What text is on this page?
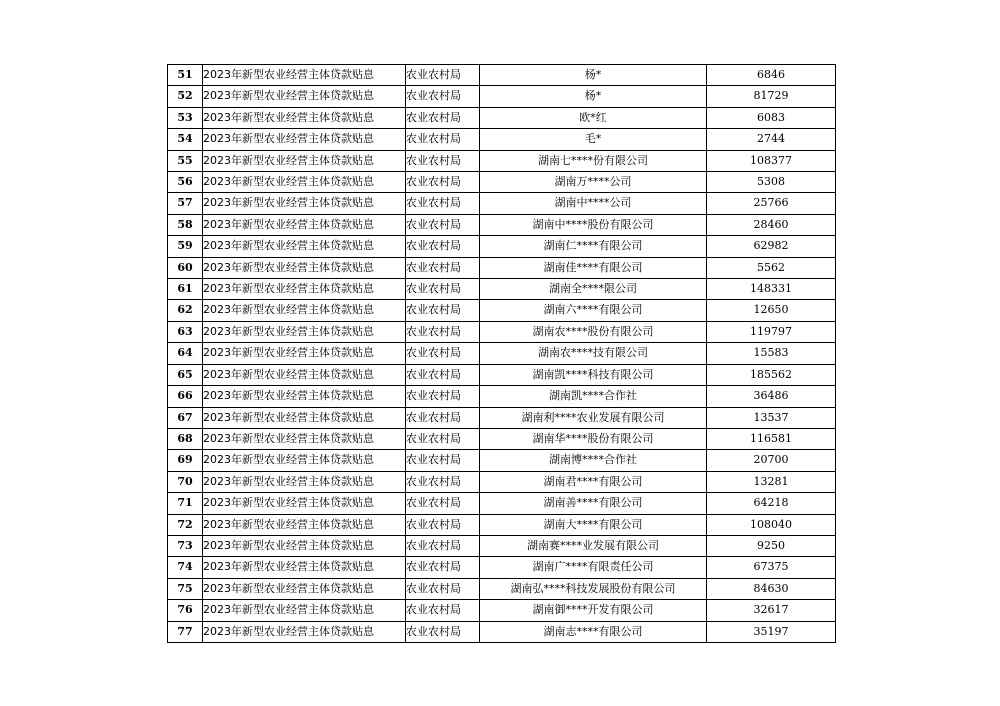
51	2023年新型农业经营主体贷款贴息	农业农村局	杨*	6846
52	2023年新型农业经营主体贷款贴息	农业农村局	杨*	81729
53	2023年新型农业经营主体贷款贴息	农业农村局	欧*红	6083
54	2023年新型农业经营主体贷款贴息	农业农村局	毛*	2744
55	2023年新型农业经营主体贷款贴息	农业农村局	湖南七****份有限公司	108377
56	2023年新型农业经营主体贷款贴息	农业农村局	湖南万****公司	5308
57	2023年新型农业经营主体贷款贴息	农业农村局	湖南中****公司	25766
58	2023年新型农业经营主体贷款贴息	农业农村局	湖南中****股份有限公司	28460
59	2023年新型农业经营主体贷款贴息	农业农村局	湖南仁****有限公司	62982
60	2023年新型农业经营主体贷款贴息	农业农村局	湖南佳****有限公司	5562
61	2023年新型农业经营主体贷款贴息	农业农村局	湖南全****限公司	148331
62	2023年新型农业经营主体贷款贴息	农业农村局	湖南六****有限公司	12650
63	2023年新型农业经营主体贷款贴息	农业农村局	湖南农****股份有限公司	119797
64	2023年新型农业经营主体贷款贴息	农业农村局	湖南农****技有限公司	15583
65	2023年新型农业经营主体贷款贴息	农业农村局	湖南凯****科技有限公司	185562
66	2023年新型农业经营主体贷款贴息	农业农村局	湖南凯****合作社	36486
67	2023年新型农业经营主体贷款贴息	农业农村局	湖南利****农业发展有限公司	13537
68	2023年新型农业经营主体贷款贴息	农业农村局	湖南华****股份有限公司	116581
69	2023年新型农业经营主体贷款贴息	农业农村局	湖南博****合作社	20700
70	2023年新型农业经营主体贷款贴息	农业农村局	湖南君****有限公司	13281
71	2023年新型农业经营主体贷款贴息	农业农村局	湖南善****有限公司	64218
72	2023年新型农业经营主体贷款贴息	农业农村局	湖南大****有限公司	108040
73	2023年新型农业经营主体贷款贴息	农业农村局	湖南赛****业发展有限公司	9250
74	2023年新型农业经营主体贷款贴息	农业农村局	湖南广****有限责任公司	67375
75	2023年新型农业经营主体贷款贴息	农业农村局	湖南弘****科技发展股份有限公司	84630
76	2023年新型农业经营主体贷款贴息	农业农村局	湖南御****开发有限公司	32617
77	2023年新型农业经营主体贷款贴息	农业农村局	湖南志****有限公司	35197
